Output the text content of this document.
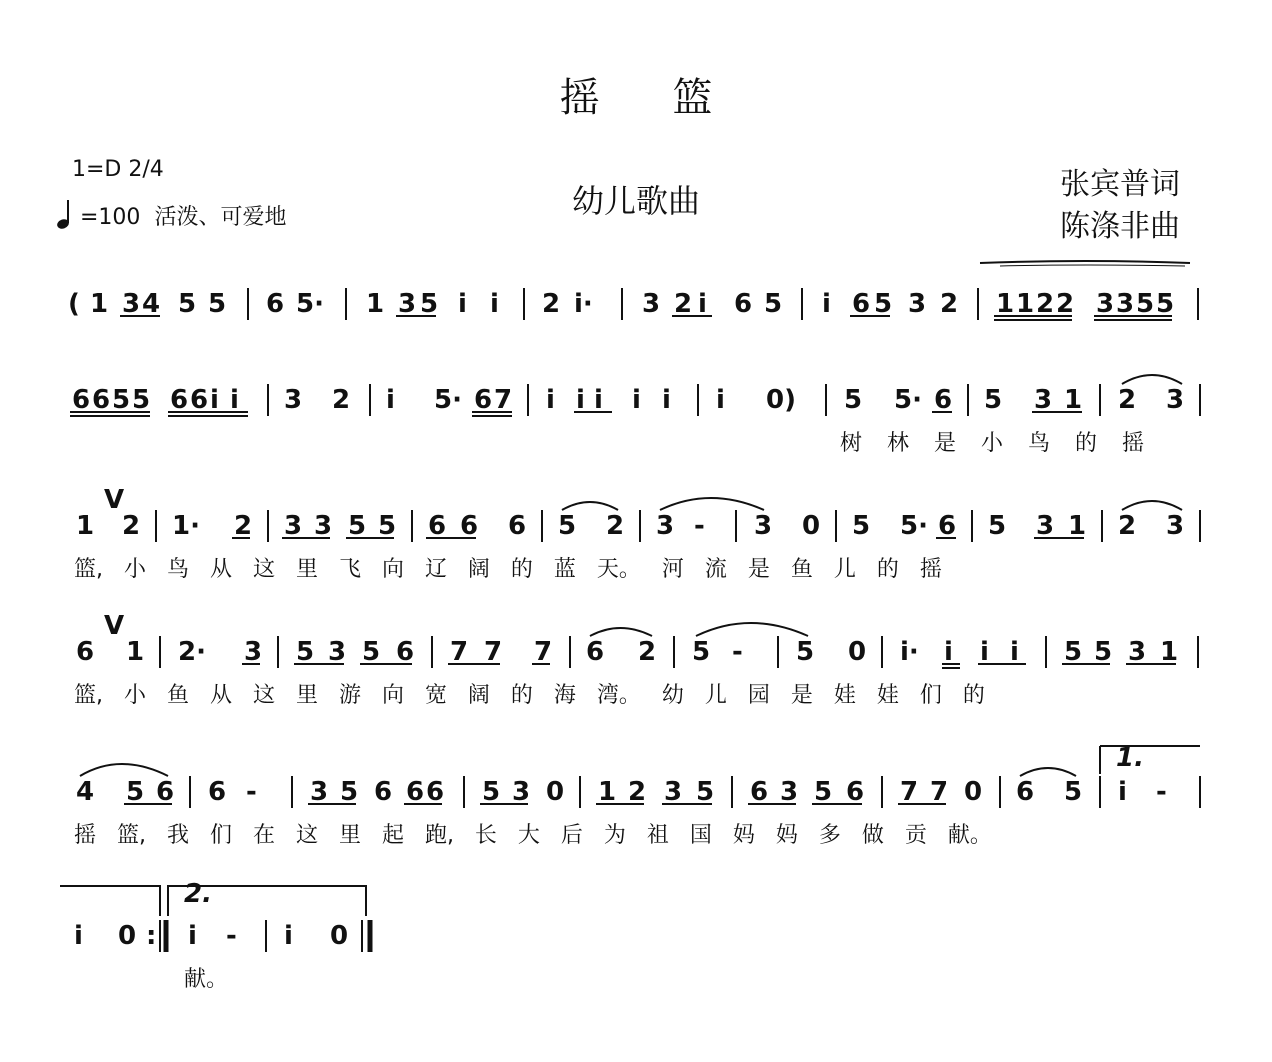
摇 篮
1=D 2/4
=100 活泼、可爱地	幼儿歌曲	张宾普词
陈涤非曲
( 1 3 4 5 5 6 5· 1 3 5 i i 2 i· 3 2 i 6 5 i 6 5 3 2 1 1 2 2 3 3 5 5
6 6 5 5 6 6 i i 3 2 i 5· 6 7 i i i i i i 0) 5 5· 6 5 3 1 2 3
树 林 是 小 鸟 的 摇
1 2 1· 2 3 3 5 5 6 6 6 5 2 3 - 3 0 5 5· 6 5 3 1 2 3
V
篮, 小 鸟 从 这 里 飞 向 辽 阔 的 蓝 天。 河 流 是 鱼 儿 的 摇
6 1 2· 3 5 3 5 6 7 7 7 6 2 5 - 5 0 i· i i i 5 5 3 1
V
篮, 小 鱼 从 这 里 游 向 宽 阔 的 海 湾。 幼 儿 园 是 娃 娃 们 的
4 5 6 6 - 3 5 6 6 6 5 3 0 1 2 3 5 6 3 5 6 7 7 0 6 5 i -
1.
摇 篮, 我 们 在 这 里 起 跑, 长 大 后 为 祖 国 妈 妈 多 做 贡 献。
i 0 :
2.
i - i 0
献。
